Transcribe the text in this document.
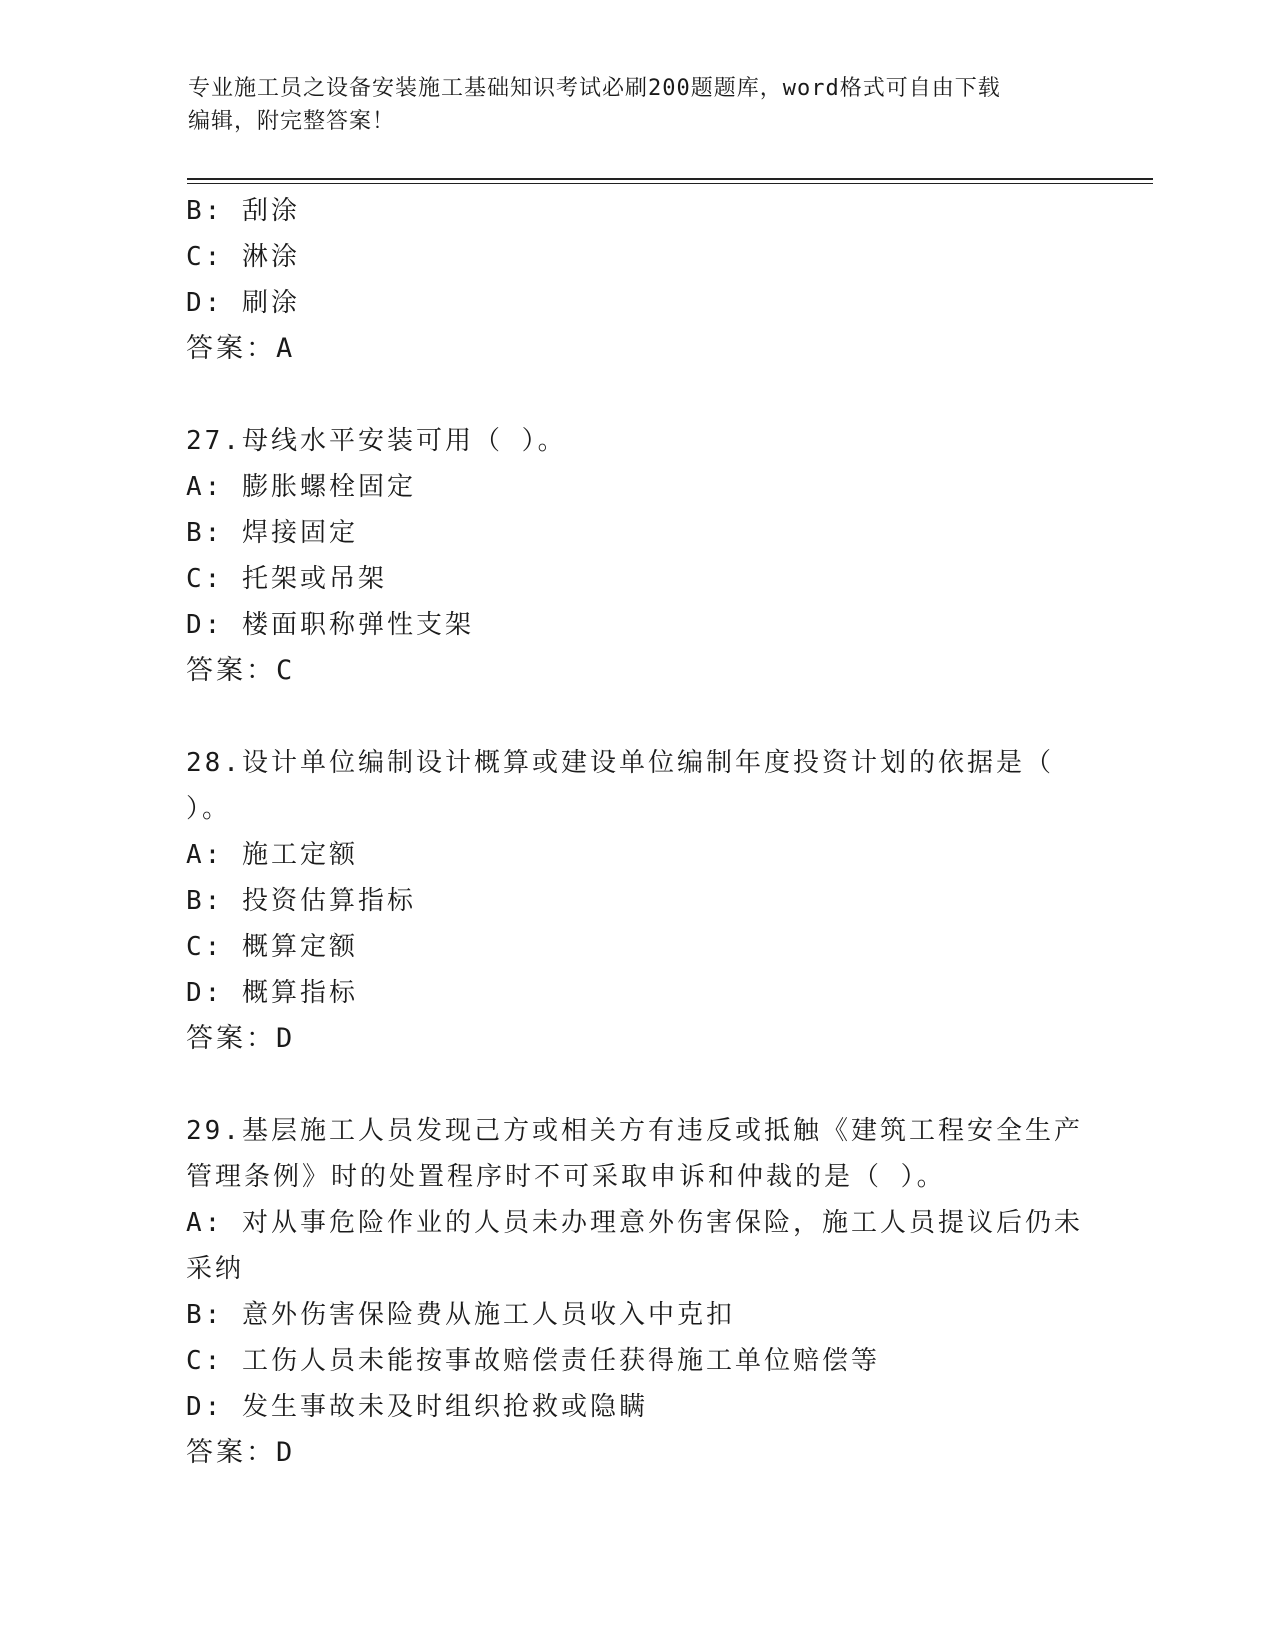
专业施工员之设备安装施工基础知识考试必刷200题题库，word格式可自由下载
编辑，附完整答案！
B: 刮涂
C: 淋涂
D: 刷涂
答案：A
27.母线水平安装可用（ ）。
A: 膨胀螺栓固定
B: 焊接固定
C: 托架或吊架
D: 楼面职称弹性支架
答案：C
28.设计单位编制设计概算或建设单位编制年度投资计划的依据是（
）。
A: 施工定额
B: 投资估算指标
C: 概算定额
D: 概算指标
答案：D
29.基层施工人员发现己方或相关方有违反或抵触《建筑工程安全生产
管理条例》时的处置程序时不可采取申诉和仲裁的是（ ）。
A: 对从事危险作业的人员未办理意外伤害保险，施工人员提议后仍未
采纳
B: 意外伤害保险费从施工人员收入中克扣
C: 工伤人员未能按事故赔偿责任获得施工单位赔偿等
D: 发生事故未及时组织抢救或隐瞒
答案：D
